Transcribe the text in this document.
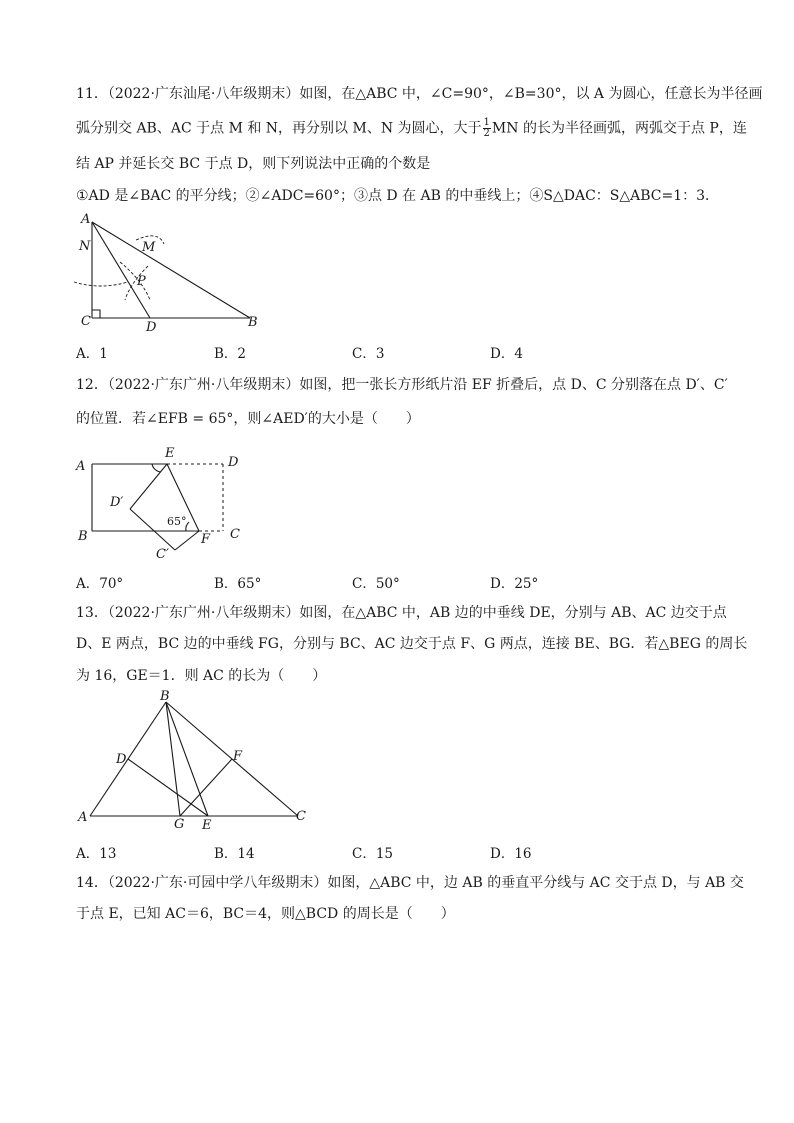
11．（2022·广东汕尾·八年级期末）如图，在△ABC 中，∠C=90°，∠B=30°，以 A 为圆心，任意长为半径画
弧分别交 AB、AC 于点 M 和 N，再分别以 M、N 为圆心，大于 $\frac{1}{2}$ MN 的长为半径画弧，两弧交于点 P，连
结 AP 并延长交 BC 于点 D，则下列说法中正确的个数是
①AD 是∠BAC 的平分线；②∠ADC=60°；③点 D 在 AB 的中垂线上；④S△DAC：S△ABC=1：3．
A
C	D	B
M
N
P
A．1	B．2	C．3	D．4
12．（2022·广东广州·八年级期末）如图，把一张长方形纸片沿 EF 折叠后，点 D、C 分别落在点 D′、C′
的位置．若∠EFB = 65°，则∠AED′的大小是（　　）
A
B	C
D
E
F
D′
C′
65°
A．70°	B．65°	C．50°	D．25°
13．（2022·广东广州·八年级期末）如图，在△ABC 中，AB 边的中垂线 DE，分别与 AB、AC 边交于点
D、E 两点，BC 边的中垂线 FG，分别与 BC、AC 边交于点 F、G 两点，连接 BE、BG．若△BEG 的周长
为 16，GE＝1．则 AC 的长为（　　）
B
A	C
D	F
G E
A．13	B．14	C．15	D．16
14．（2022·广东·可园中学八年级期末）如图，△ABC 中，边 AB 的垂直平分线与 AC 交于点 D，与 AB 交
于点 E，已知 AC＝6，BC＝4，则△BCD 的周长是（　　）
